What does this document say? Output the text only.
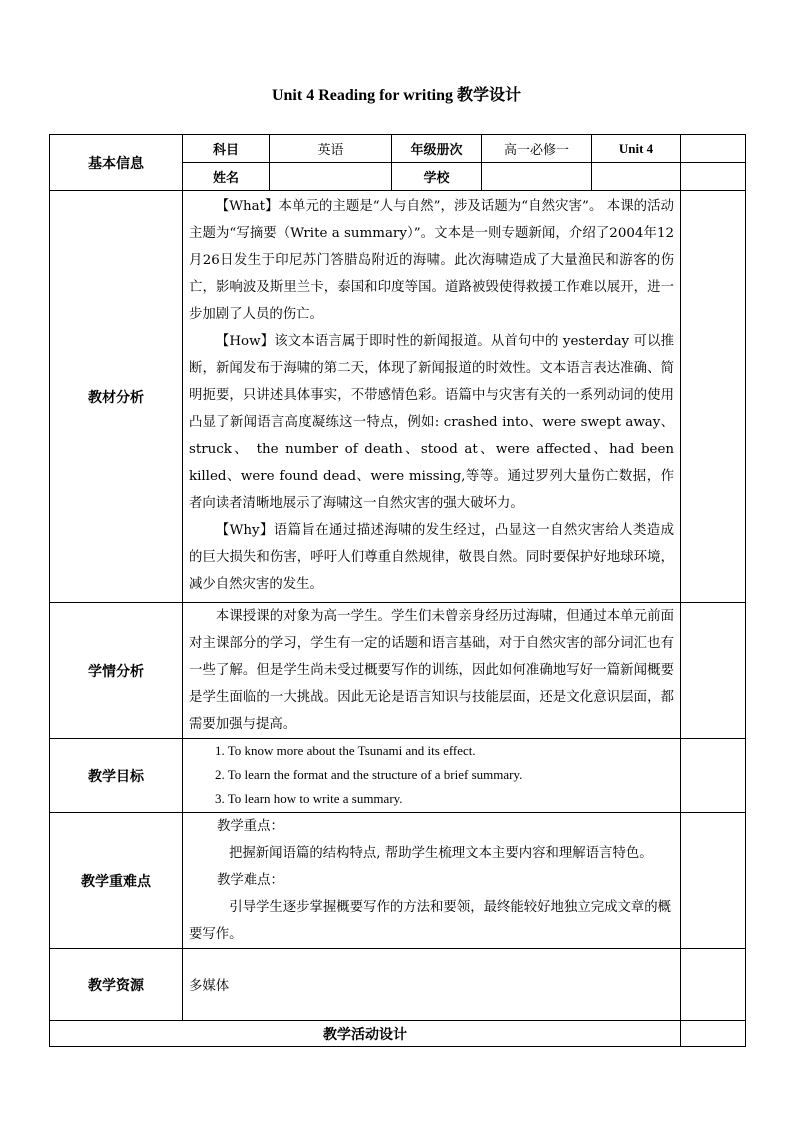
Unit 4 Reading for writing 教学设计
基本信息	科目	英语	年级册次	高一必修一	Unit 4	
	姓名		学校			
教材分析	【What】本单元的主题是“人与自然”，涉及话题为“自然灾害”。 本课的活动主题为“写摘要（Write a summary）”。文本是一则专题新闻，介绍了2004年12月26日发生于印尼苏门答腊岛附近的海啸。此次海啸造成了大量渔民和游客的伤亡，影响波及斯里兰卡，泰国和印度等国。道路被毁使得救援工作难以展开，进一步加剧了人员的伤亡。

【How】该文本语言属于即时性的新闻报道。从首句中的 yesterday 可以推断，新闻发布于海啸的第二天，体现了新闻报道的时效性。文本语言表达准确、简明扼要，只讲述具体事实，不带感情色彩。语篇中与灾害有关的一系列动词的使用凸显了新闻语言高度凝练这一特点，例如: crashed into、were swept away、struck、 the number of death、stood at、were affected、had been killed、were found dead、were missing,等等。通过罗列大量伤亡数据，作者向读者清晰地展示了海啸这一自然灾害的强大破坏力。

【Why】语篇旨在通过描述海啸的发生经过，凸显这一自然灾害给人类造成的巨大损失和伤害，呼吁人们尊重自然规律，敬畏自然。同时要保护好地球环境，减少自然灾害的发生。					

学情分析	本课授课的对象为高一学生。学生们未曾亲身经历过海啸，但通过本单元前面对主课部分的学习，学生有一定的话题和语言基础，对于自然灾害的部分词汇也有一些了解。但是学生尚未受过概要写作的训练，因此如何准确地写好一篇新闻概要是学生面临的一大挑战。因此无论是语言知识与技能层面，还是文化意识层面，都需要加强与提高。					

教学目标	1. To know more about the Tsunami and its effect.

2. To learn the format and the structure of a brief summary.

3. To learn how to write a summary.					

教学重难点	教学重点：

把握新闻语篇的结构特点, 帮助学生梳理文本主要内容和理解语言特色。

教学难点：

引导学生逐步掌握概要写作的方法和要领，最终能较好地独立完成文章的概要写作。					

教学资源	多媒体					
教学活动设计						
